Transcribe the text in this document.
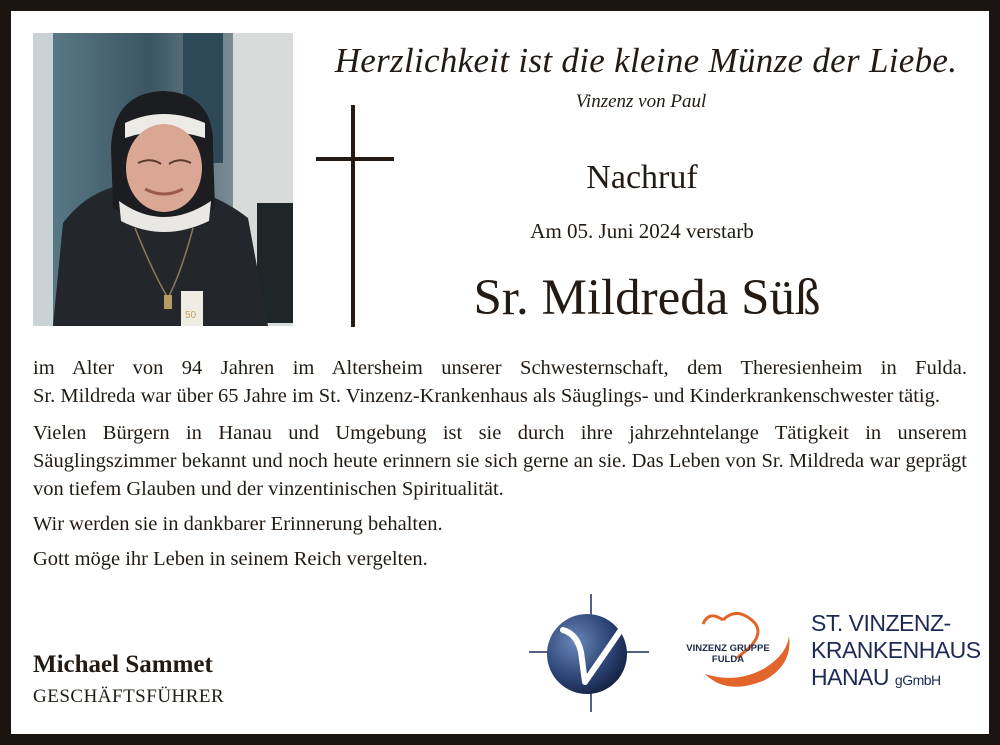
50
Herzlichkeit ist die kleine Münze der Liebe.
Vinzenz von Paul
Nachruf
Am 05. Juni 2024 verstarb
Sr. Mildreda Süß

im Alter von 94 Jahren im Altersheim unserer Schwesternschaft, dem Theresienheim in Fulda.

Sr. Mildreda war über 65 Jahre im St. Vinzenz-Krankenhaus als Säuglings- und Kinderkrankenschwester tätig.

Vielen Bürgern in Hanau und Umgebung ist sie durch ihre jahrzehntelange Tätigkeit in unserem Säuglingszimmer bekannt und noch heute erinnern sie sich gerne an sie. Das Leben von Sr. Mildreda war geprägt von tiefem Glauben und der vinzentinischen Spiritualität.

Wir werden sie in dankbarer Erinnerung behalten.

Gott möge ihr Leben in seinem Reich vergelten.

Michael Sammet
GESCHÄFTSFÜHRER
VINZENZ GRUPPE
FULDA
ST. VINZENZ-
KRANKENHAUS
HANAU gGmbH
